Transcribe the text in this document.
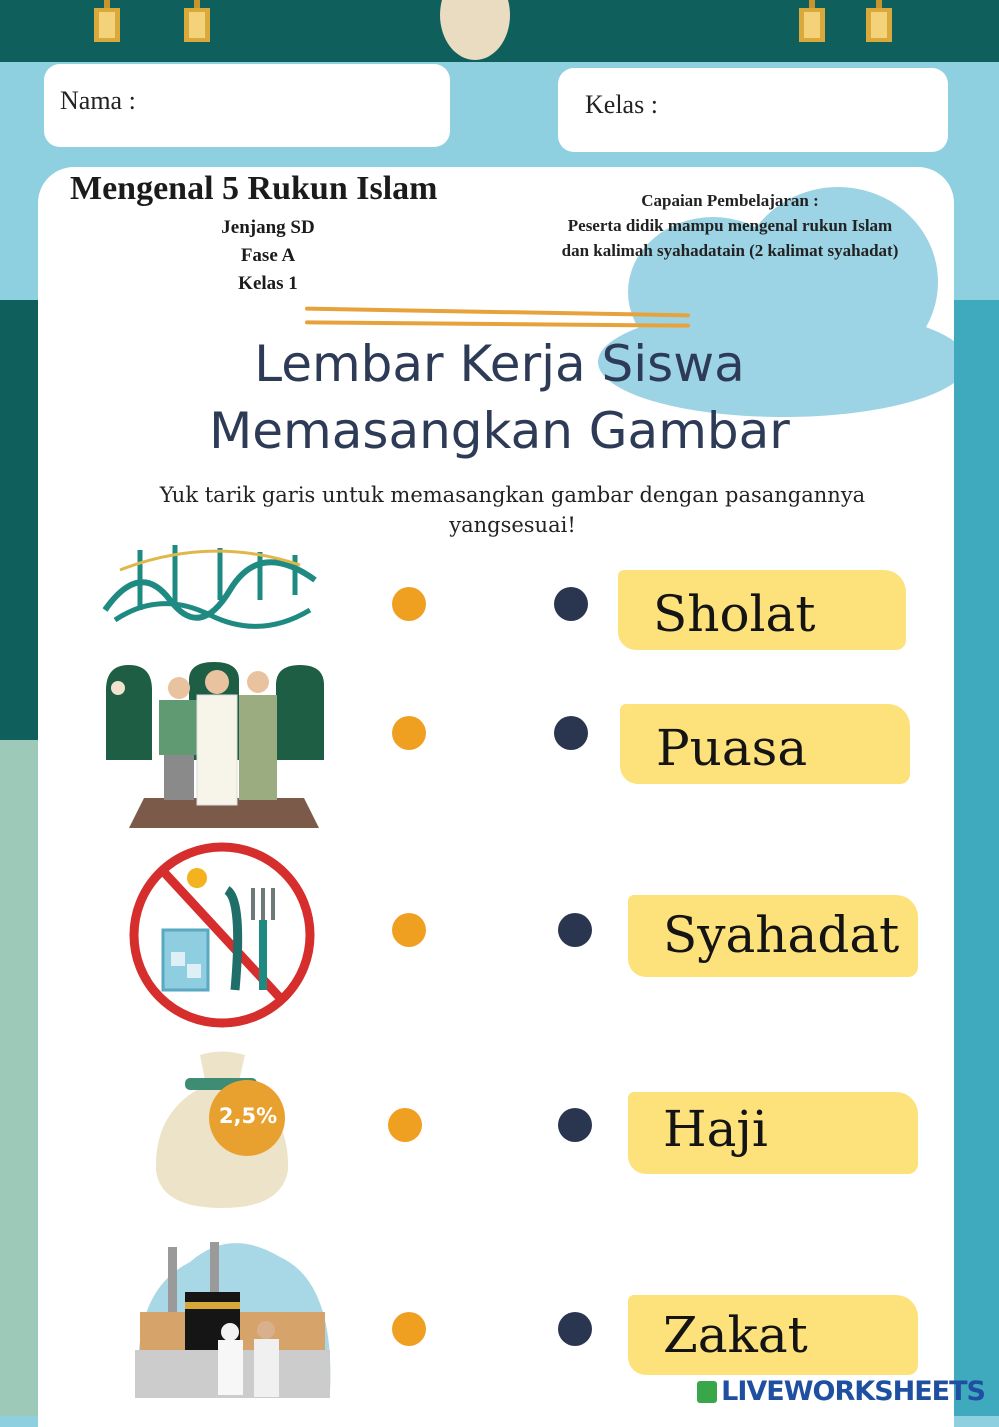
Nama :	Kelas :
Mengenal 5 Rukun Islam
Jenjang SD
Fase A
Kelas 1
Capaian Pembelajaran :
Peserta didik mampu mengenal rukun Islam
dan kalimah syahadatain (2 kalimat syahadat)
Lembar Kerja Siswa
Memasangkan Gambar
Yuk tarik garis untuk memasangkan gambar dengan pasangannya
yangsesuai!
2,5%
Sholat
Puasa
Syahadat
Haji
Zakat
LIVEWORKSHEETS
